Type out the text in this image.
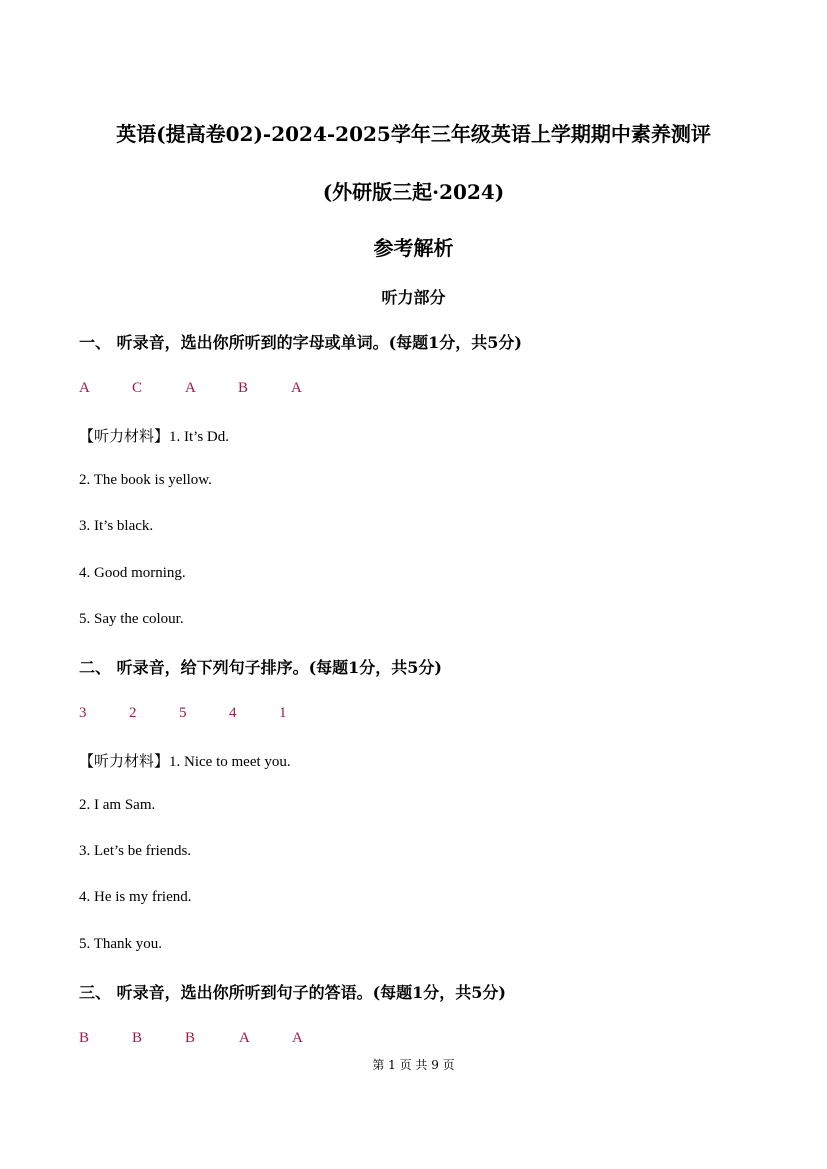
英语(提高卷02)-2024-2025学年三年级英语上学期期中素养测评
(外研版三起·2024)
参考解析
听力部分
一、 听录音，选出你所听到的字母或单词。(每题1分，共5分)
A	C	A	B	A
【听力材料】1. It’s Dd.
2. The book is yellow.
3. It’s black.
4. Good morning.
5. Say the colour.
二、 听录音，给下列句子排序。(每题1分，共5分)
3	2	5	4	1
【听力材料】1. Nice to meet you.
2. I am Sam.
3. Let’s be friends.
4. He is my friend.
5. Thank you.
三、 听录音，选出你所听到句子的答语。(每题1分，共5分)
B	B	B	A	A
第 1 页 共 9 页
